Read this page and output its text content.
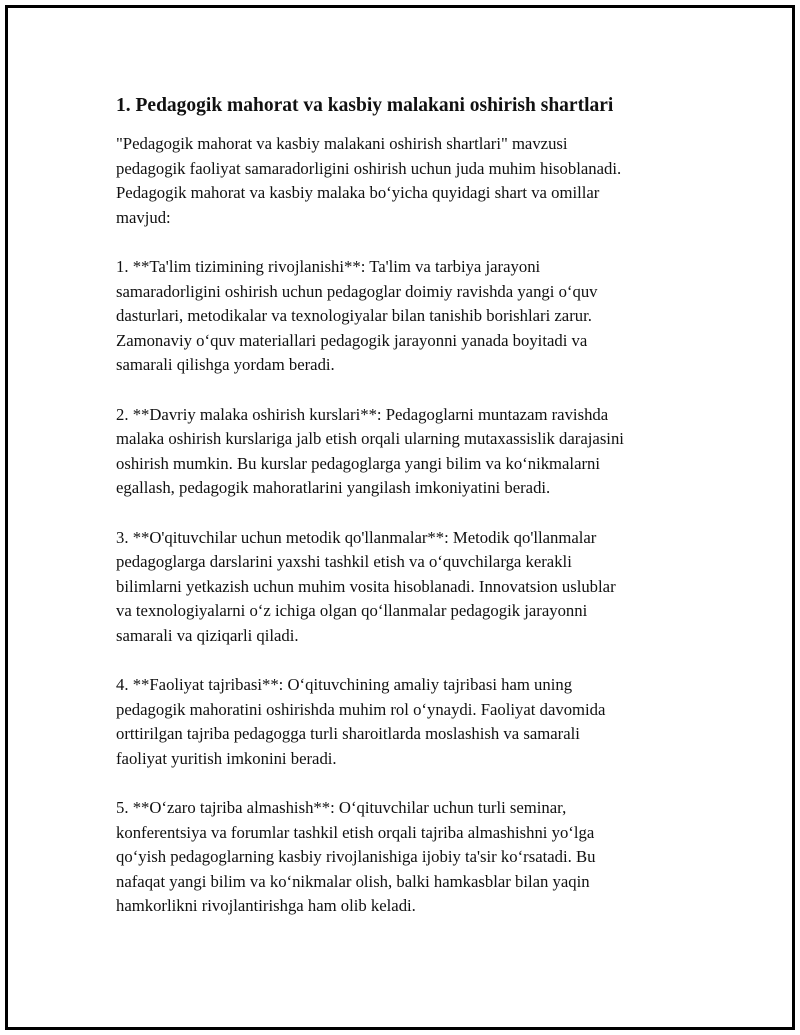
1. Pedagogik mahorat va kasbiy malakani oshirish shartlari

"Pedagogik mahorat va kasbiy malakani oshirish shartlari" mavzusi
pedagogik faoliyat samaradorligini oshirish uchun juda muhim hisoblanadi.
Pedagogik mahorat va kasbiy malaka bo‘yicha quyidagi shart va omillar
mavjud:

1. **Ta'lim tizimining rivojlanishi**: Ta'lim va tarbiya jarayoni
samaradorligini oshirish uchun pedagoglar doimiy ravishda yangi o‘quv
dasturlari, metodikalar va texnologiyalar bilan tanishib borishlari zarur.
Zamonaviy o‘quv materiallari pedagogik jarayonni yanada boyitadi va
samarali qilishga yordam beradi.

2. **Davriy malaka oshirish kurslari**: Pedagoglarni muntazam ravishda
malaka oshirish kurslariga jalb etish orqali ularning mutaxassislik darajasini
oshirish mumkin. Bu kurslar pedagoglarga yangi bilim va ko‘nikmalarni
egallash, pedagogik mahoratlarini yangilash imkoniyatini beradi.

3. **O'qituvchilar uchun metodik qo'llanmalar**: Metodik qo'llanmalar
pedagoglarga darslarini yaxshi tashkil etish va o‘quvchilarga kerakli
bilimlarni yetkazish uchun muhim vosita hisoblanadi. Innovatsion uslublar
va texnologiyalarni o‘z ichiga olgan qo‘llanmalar pedagogik jarayonni
samarali va qiziqarli qiladi.

4. **Faoliyat tajribasi**: O‘qituvchining amaliy tajribasi ham uning
pedagogik mahoratini oshirishda muhim rol o‘ynaydi. Faoliyat davomida
orttirilgan tajriba pedagogga turli sharoitlarda moslashish va samarali
faoliyat yuritish imkonini beradi.

5. **O‘zaro tajriba almashish**: O‘qituvchilar uchun turli seminar,
konferentsiya va forumlar tashkil etish orqali tajriba almashishni yo‘lga
qo‘yish pedagoglarning kasbiy rivojlanishiga ijobiy ta'sir ko‘rsatadi. Bu
nafaqat yangi bilim va ko‘nikmalar olish, balki hamkasblar bilan yaqin
hamkorlikni rivojlantirishga ham olib keladi.
